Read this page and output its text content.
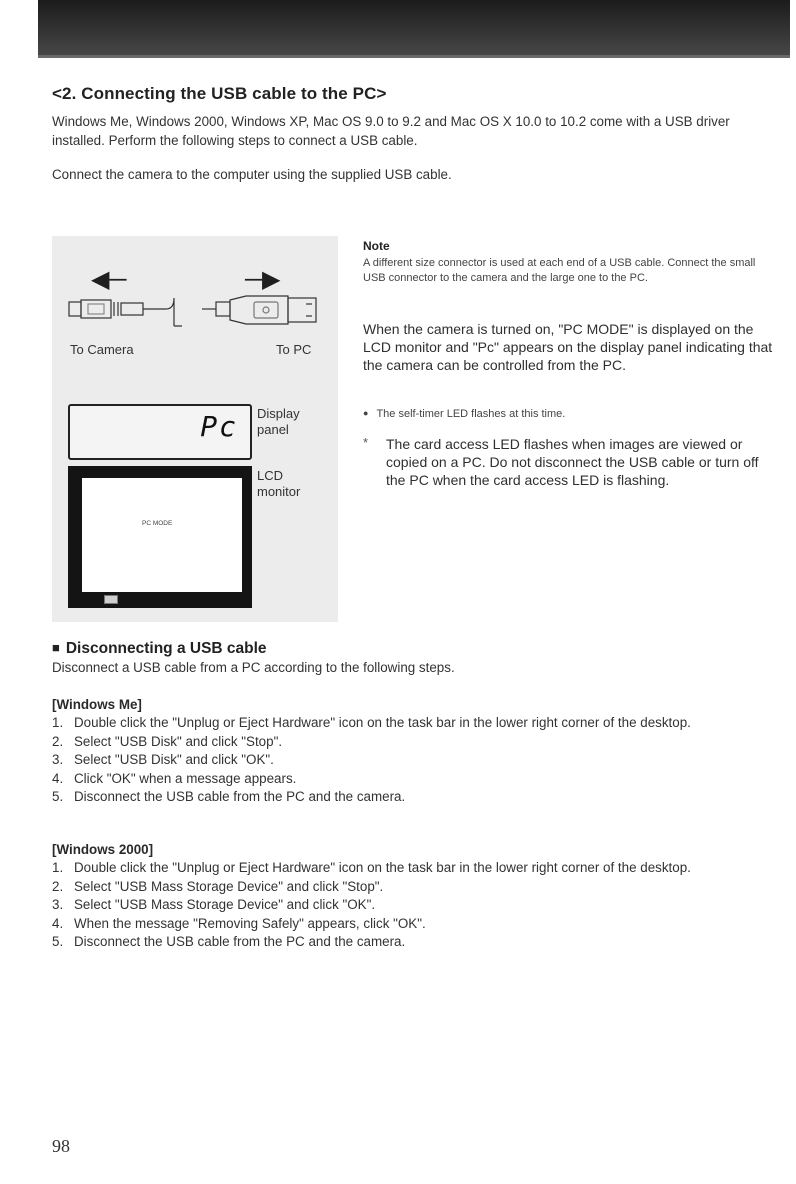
<2. Connecting the USB cable to the PC>

Windows Me, Windows 2000, Windows XP, Mac OS 9.0 to 9.2 and Mac OS X 10.0 to 10.2 come with a USB driver installed. Perform the following steps to connect a USB cable.

Connect the camera to the computer using the supplied USB cable.

◀─	─▶
To Camera	To PC
Pc Display panel
PC MODE
LCD monitor

Note

A different size connector is used at each end of a USB cable. Connect the small USB connector to the camera and the large one to the PC.

When the camera is turned on, "PC MODE" is displayed on the LCD monitor and "Pc" appears on the display panel indicating that the camera can be controlled from the PC.

● The self-timer LED flashes at this time.

* The card access LED flashes when images are viewed or copied on a PC. Do not disconnect the USB cable or turn off the PC when the card access LED is flashing.

■ Disconnecting a USB cable

Disconnect a USB cable from a PC according to the following steps.

[Windows Me]

1. Double click the "Unplug or Eject Hardware" icon on the task bar in the lower right corner of the desktop.
2. Select "USB Disk" and click "Stop".
3. Select "USB Disk" and click "OK".
4. Click "OK" when a message appears.
5. Disconnect the USB cable from the PC and the camera.

[Windows 2000]

1. Double click the "Unplug or Eject Hardware" icon on the task bar in the lower right corner of the desktop.
2. Select "USB Mass Storage Device" and click "Stop".
3. Select "USB Mass Storage Device" and click "OK".
4. When the message "Removing Safely" appears, click "OK".
5. Disconnect the USB cable from the PC and the camera.

98
